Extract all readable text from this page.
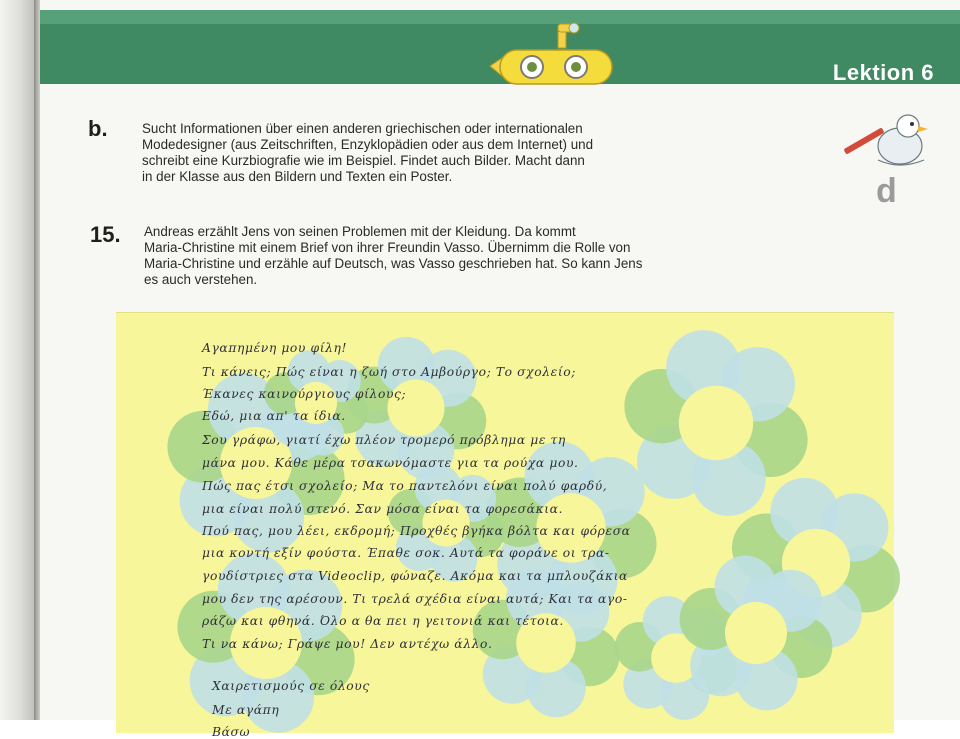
Lektion 6
b.	Sucht Informationen über einen anderen griechischen oder internationalen
Modedesigner (aus Zeitschriften, Enzyklopädien oder aus dem Internet) und
schreibt eine Kurzbiografie wie im Beispiel. Findet auch Bilder. Macht dann
in der Klasse aus den Bildern und Texten ein Poster.	d
15. Andreas erzählt Jens von seinen Problemen mit der Kleidung. Da kommt
Maria-Christine mit einem Brief von ihrer Freundin Vasso. Übernimm die Rolle von
Maria-Christine und erzähle auf Deutsch, was Vasso geschrieben hat. So kann Jens
es auch verstehen.
Αγαπημένη μου φίλη!
Τι κάνεις; Πώς είναι η ζωή στο Αμβούργο; Το σχολείο;
Έκανες καινούργιους φίλους;
Εδώ, μια απ' τα ίδια.
Σου γράφω, γιατί έχω πλέον τρομερό πρόβλημα με τη
μάνα μου. Κάθε μέρα τσακωνόμαστε για τα ρούχα μου.
Πώς πας έτσι σχολείο; Μα το παντελόνι είναι πολύ φαρδύ,
μια είναι πολύ στενό. Σαν μόσα είναι τα φορεσάκια.
Πού πας, μου λέει, εκδρομή; Προχθές βγήκα βόλτα και φόρεσα
μια κοντή εξίν φούστα. Έπαθε σοκ. Αυτά τα φοράνε οι τρα-
γουδίστριες στα Videoclip, φώναζε. Ακόμα και τα μπλουζάκια
μου δεν της αρέσουν. Τι τρελά σχέδια είναι αυτά; Και τα αγο-
ράζω και φθηνά. Όλο α θα πει η γειτονιά και τέτοια.
Τι να κάνω; Γράψε μου! Δεν αντέχω άλλο.
Χαιρετισμούς σε όλους
Με αγάπη
Βάσω
